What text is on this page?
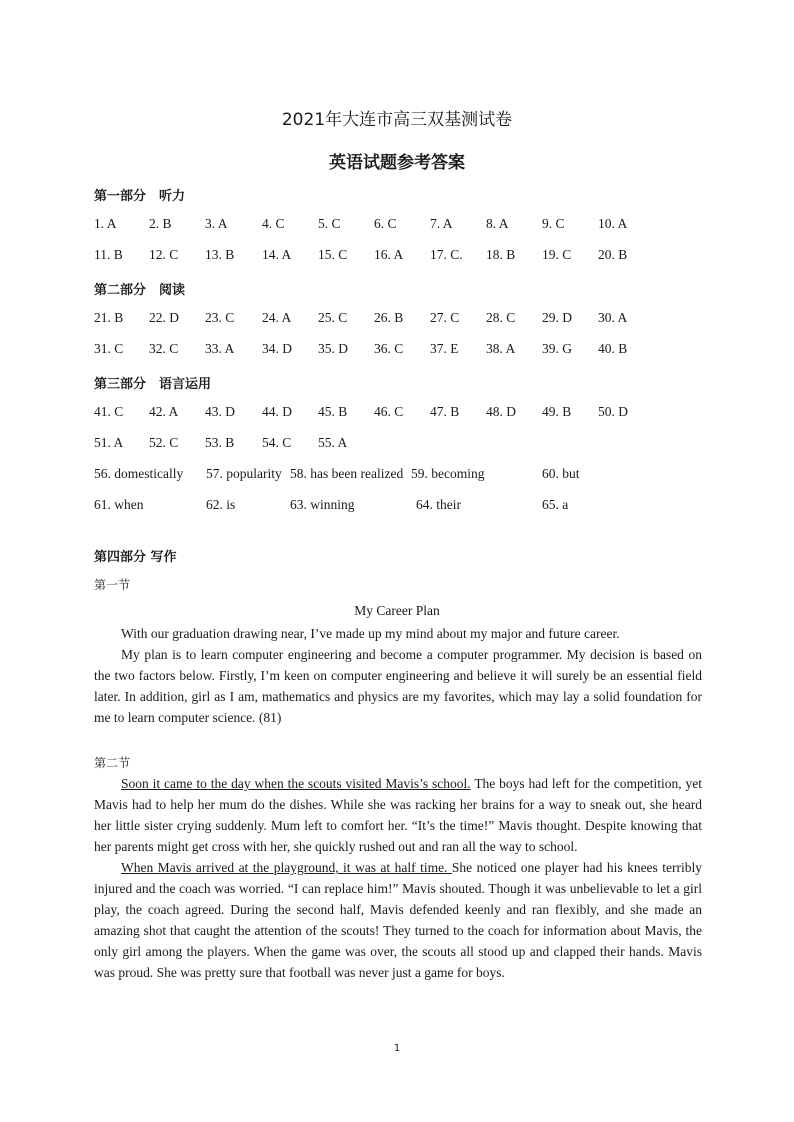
2021年大连市高三双基测试卷
英语试题参考答案
第一部分　听力
1. A 2. B 3. A	4. C 5. C 6. C 7. A 8. A 9. C 10. A
11. B 12. C 13. B 14. A 15. C 16. A 17. C. 18. B 19. C 20. B
第二部分　阅读
21. B 22. D 23. C 24. A 25. C 26. B 27. C 28. C 29. D 30. A
31. C 32. C 33. A 34. D 35. D 36. C 37. E 38. A 39. G 40. B
第三部分　语言运用
41. C 42. A 43. D 44. D 45. B 46. C 47. B 48. D 49. B 50. D
51. A 52. C 53. B 54. C 55. A
56. domestically 57. popularity 58. has been realized 59. becoming	60. but
61. when	62. is	63. winning	64. their	65. a
第四部分 写作
第一节
My Career Plan

With our graduation drawing near, I’ve made up my mind about my major and future career.

My plan is to learn computer engineering and become a computer programmer. My decision is based on the two factors below. Firstly, I’m keen on computer engineering and believe it will surely be an essential field later. In addition, girl as I am, mathematics and physics are my favorites, which may lay a solid foundation for me to learn computer science. (81)

第二节

Soon it came to the day when the scouts visited Mavis’s school. The boys had left for the competition, yet Mavis had to help her mum do the dishes. While she was racking her brains for a way to sneak out, she heard her little sister crying suddenly. Mum left to comfort her. “It’s the time!” Mavis thought. Despite knowing that her parents might get cross with her, she quickly rushed out and ran all the way to school.

When Mavis arrived at the playground, it was at half time. She noticed one player had his knees terribly injured and the coach was worried. “I can replace him!” Mavis shouted. Though it was unbelievable to let a girl play, the coach agreed. During the second half, Mavis defended keenly and ran flexibly, and she made an amazing shot that caught the attention of the scouts! They turned to the coach for information about Mavis, the only girl among the players. When the game was over, the scouts all stood up and clapped their hands. Mavis was proud. She was pretty sure that football was never just a game for boys.

1
